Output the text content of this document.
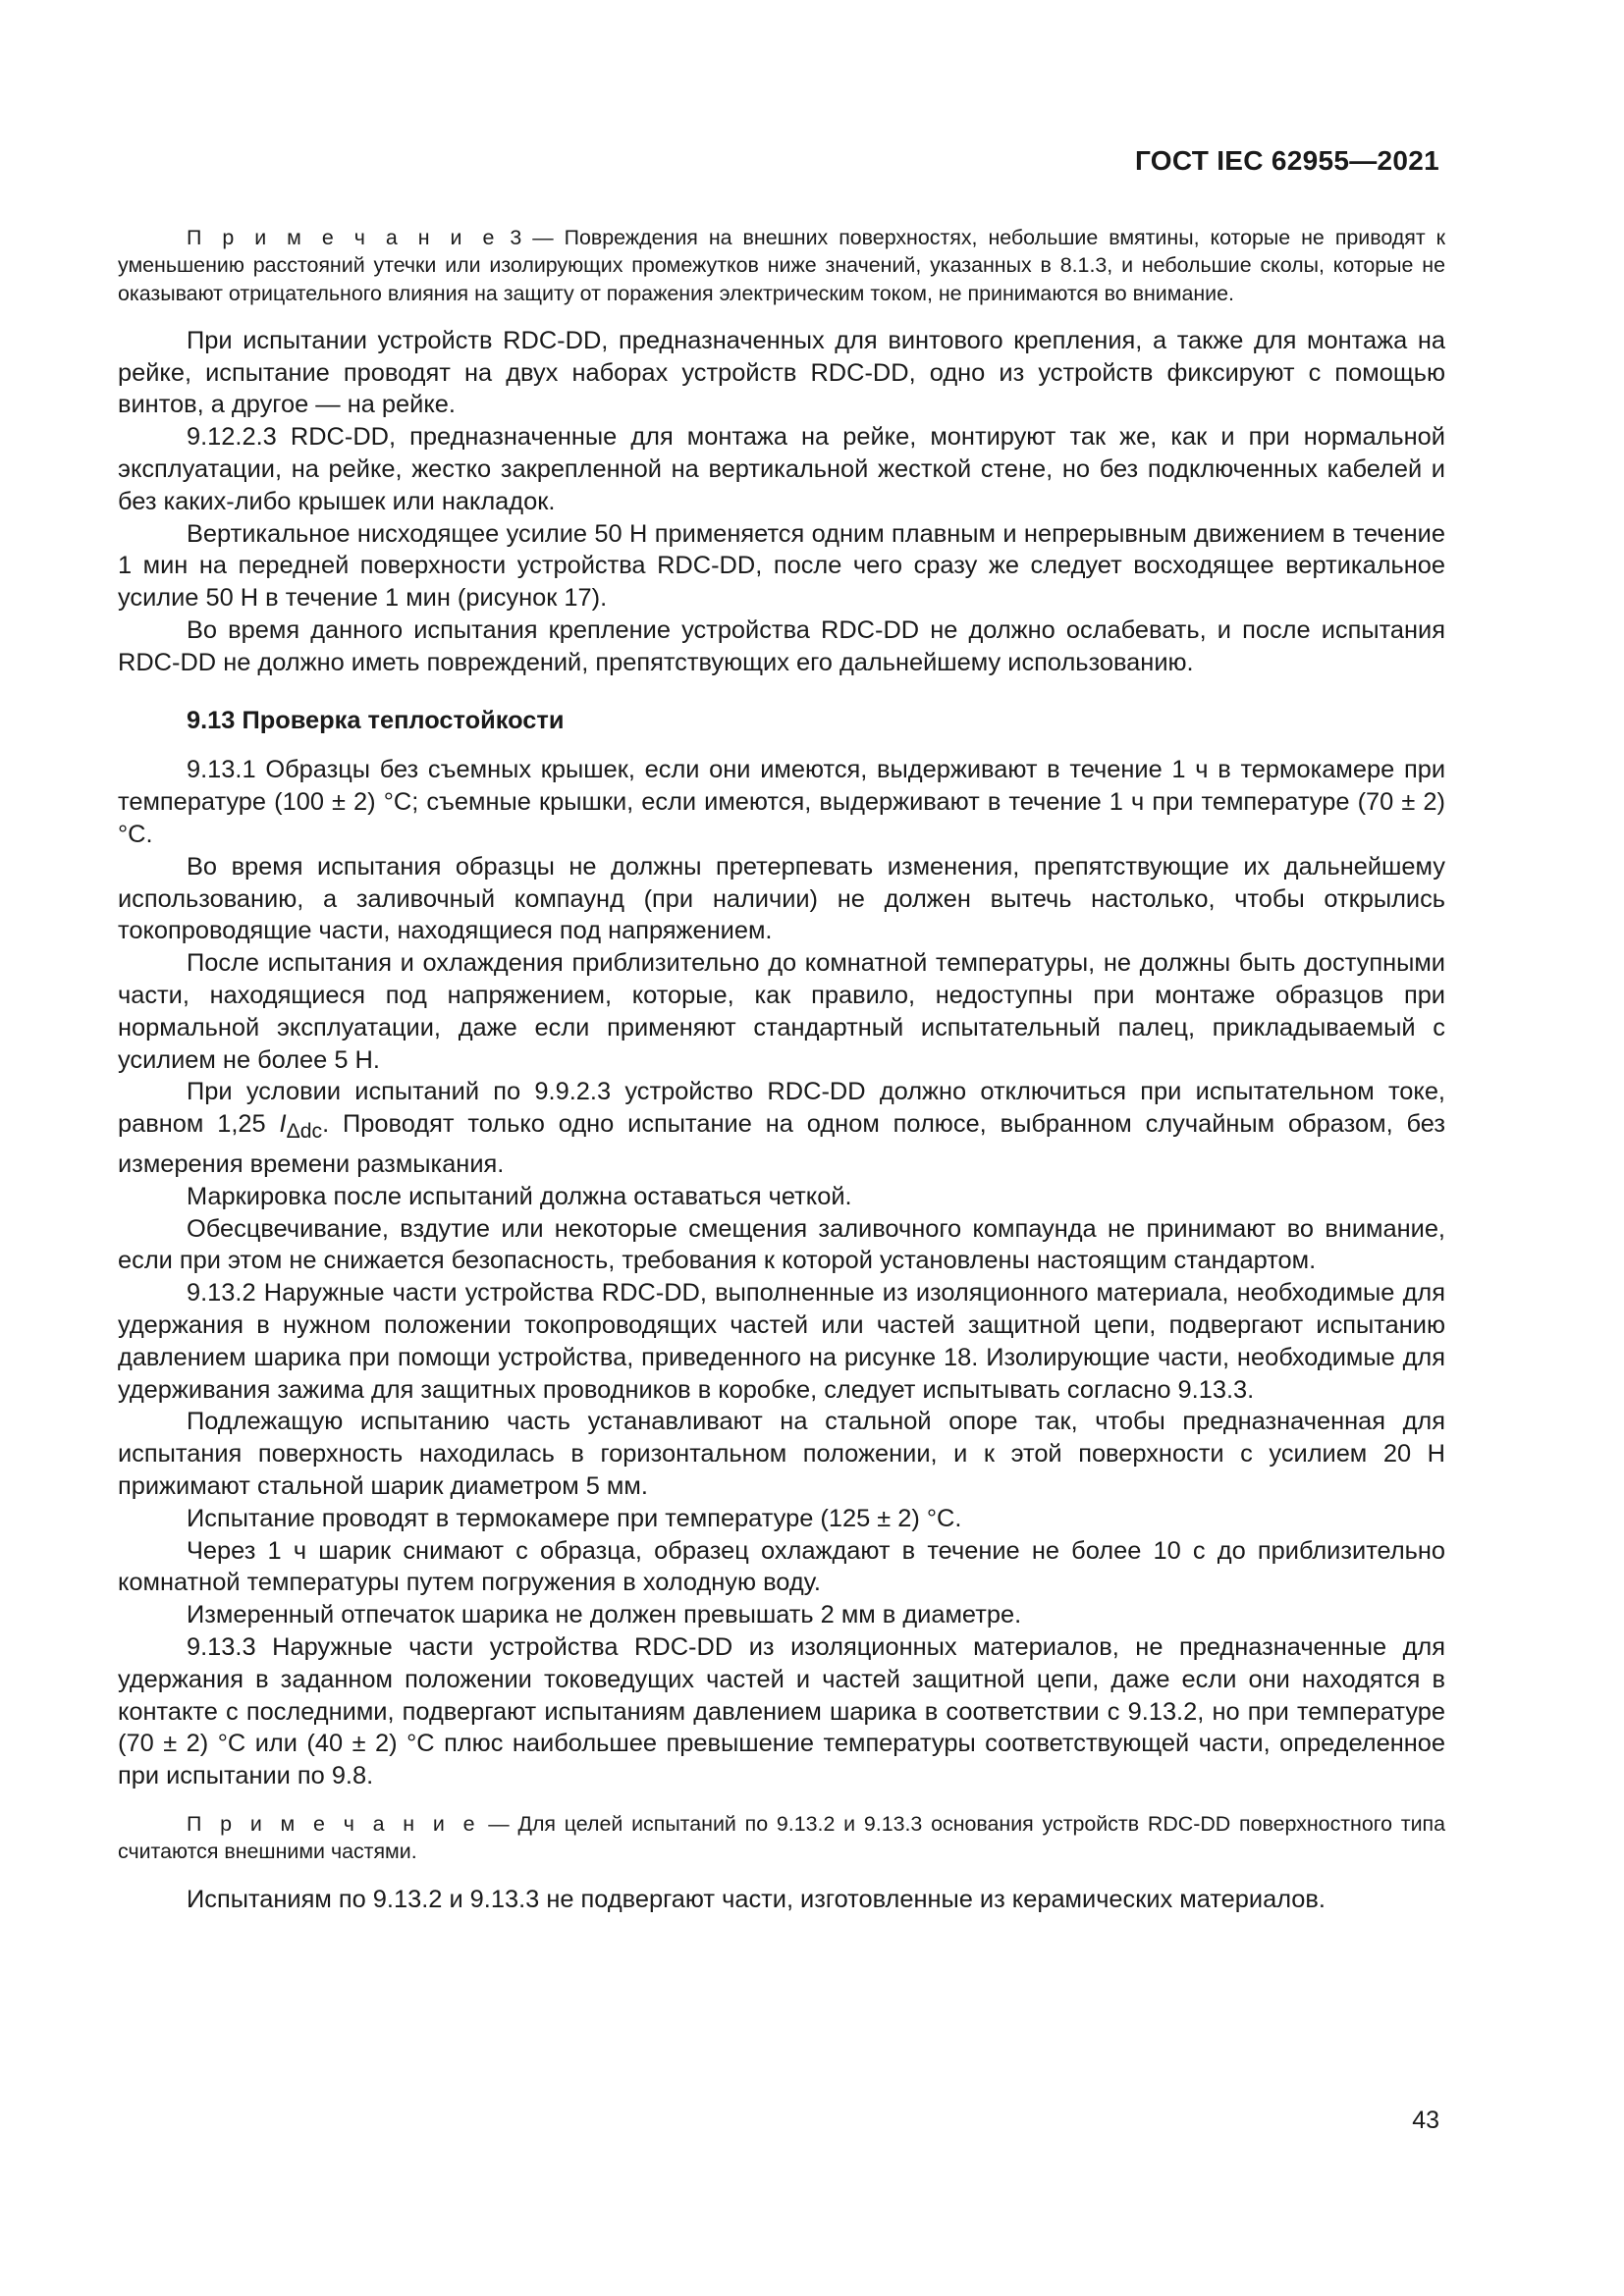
ГОСТ IEC 62955—2021

П р и м е ч а н и е 3 — Повреждения на внешних поверхностях, небольшие вмятины, которые не приводят к уменьшению расстояний утечки или изолирующих промежутков ниже значений, указанных в 8.1.3, и небольшие сколы, которые не оказывают отрицательного влияния на защиту от поражения электрическим током, не принимаются во внимание.

При испытании устройств RDC-DD, предназначенных для винтового крепления, а также для монтажа на рейке, испытание проводят на двух наборах устройств RDC-DD, одно из устройств фиксируют с помощью винтов, а другое — на рейке.

9.12.2.3 RDC-DD, предназначенные для монтажа на рейке, монтируют так же, как и при нормальной эксплуатации, на рейке, жестко закрепленной на вертикальной жесткой стене, но без подключенных кабелей и без каких-либо крышек или накладок.

Вертикальное нисходящее усилие 50 Н применяется одним плавным и непрерывным движением в течение 1 мин на передней поверхности устройства RDC-DD, после чего сразу же следует восходящее вертикальное усилие 50 Н в течение 1 мин (рисунок 17).

Во время данного испытания крепление устройства RDC-DD не должно ослабевать, и после испытания RDC-DD не должно иметь повреждений, препятствующих его дальнейшему использованию.

9.13 Проверка теплостойкости

9.13.1 Образцы без съемных крышек, если они имеются, выдерживают в течение 1 ч в термокамере при температуре (100 ± 2) °C; съемные крышки, если имеются, выдерживают в течение 1 ч при температуре (70 ± 2) °C.

Во время испытания образцы не должны претерпевать изменения, препятствующие их дальнейшему использованию, а заливочный компаунд (при наличии) не должен вытечь настолько, чтобы открылись токопроводящие части, находящиеся под напряжением.

После испытания и охлаждения приблизительно до комнатной температуры, не должны быть доступными части, находящиеся под напряжением, которые, как правило, недоступны при монтаже образцов при нормальной эксплуатации, даже если применяют стандартный испытательный палец, прикладываемый с усилием не более 5 Н.

При условии испытаний по 9.9.2.3 устройство RDC-DD должно отключиться при испытательном токе, равном 1,25 $I_{\Delta dc}$. Проводят только одно испытание на одном полюсе, выбранном случайным образом, без измерения времени размыкания.

Маркировка после испытаний должна оставаться четкой.

Обесцвечивание, вздутие или некоторые смещения заливочного компаунда не принимают во внимание, если при этом не снижается безопасность, требования к которой установлены настоящим стандартом.

9.13.2 Наружные части устройства RDC-DD, выполненные из изоляционного материала, необходимые для удержания в нужном положении токопроводящих частей или частей защитной цепи, подвергают испытанию давлением шарика при помощи устройства, приведенного на рисунке 18. Изолирующие части, необходимые для удерживания зажима для защитных проводников в коробке, следует испытывать согласно 9.13.3.

Подлежащую испытанию часть устанавливают на стальной опоре так, чтобы предназначенная для испытания поверхность находилась в горизонтальном положении, и к этой поверхности с усилием 20 Н прижимают стальной шарик диаметром 5 мм.

Испытание проводят в термокамере при температуре (125 ± 2) °C.

Через 1 ч шарик снимают с образца, образец охлаждают в течение не более 10 с до приблизительно комнатной температуры путем погружения в холодную воду.

Измеренный отпечаток шарика не должен превышать 2 мм в диаметре.

9.13.3 Наружные части устройства RDC-DD из изоляционных материалов, не предназначенные для удержания в заданном положении токоведущих частей и частей защитной цепи, даже если они находятся в контакте с последними, подвергают испытаниям давлением шарика в соответствии с 9.13.2, но при температуре (70 ± 2) °C или (40 ± 2) °C плюс наибольшее превышение температуры соответствующей части, определенное при испытании по 9.8.

П р и м е ч а н и е — Для целей испытаний по 9.13.2 и 9.13.3 основания устройств RDC-DD поверхностного типа считаются внешними частями.

Испытаниям по 9.13.2 и 9.13.3 не подвергают части, изготовленные из керамических материалов.

43
